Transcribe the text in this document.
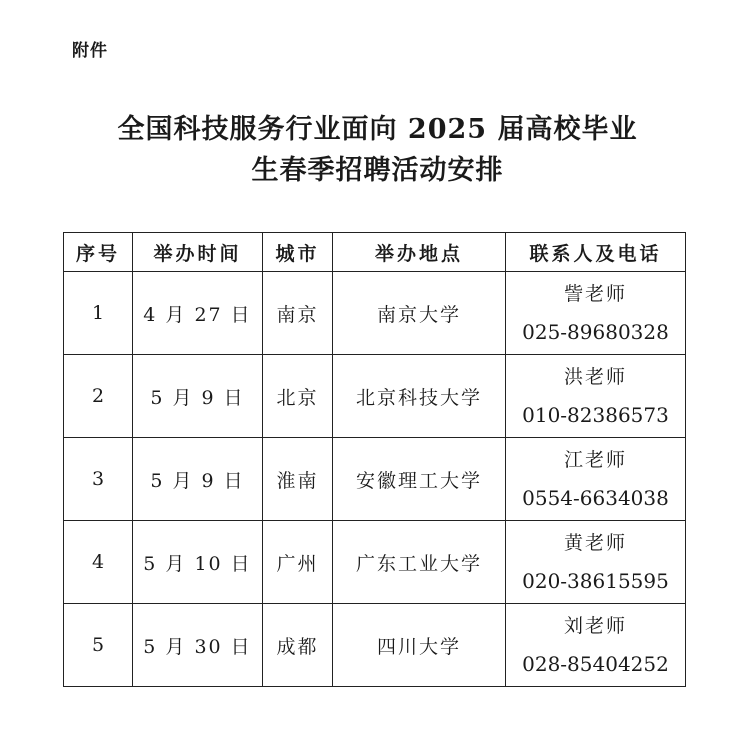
附件
全国科技服务行业面向 2025 届高校毕业
生春季招聘活动安排
序号	举办时间	城市	举办地点	联系人及电话
1	4 月 27 日	南京	南京大学	訾老师
025-89680328

2	5 月 9 日	北京	北京科技大学	洪老师
010-82386573

3	5 月 9 日	淮南	安徽理工大学	江老师
0554-6634038

4	5 月 10 日	广州	广东工业大学	黄老师
020-38615595

5	5 月 30 日	成都	四川大学	刘老师
028-85404252
